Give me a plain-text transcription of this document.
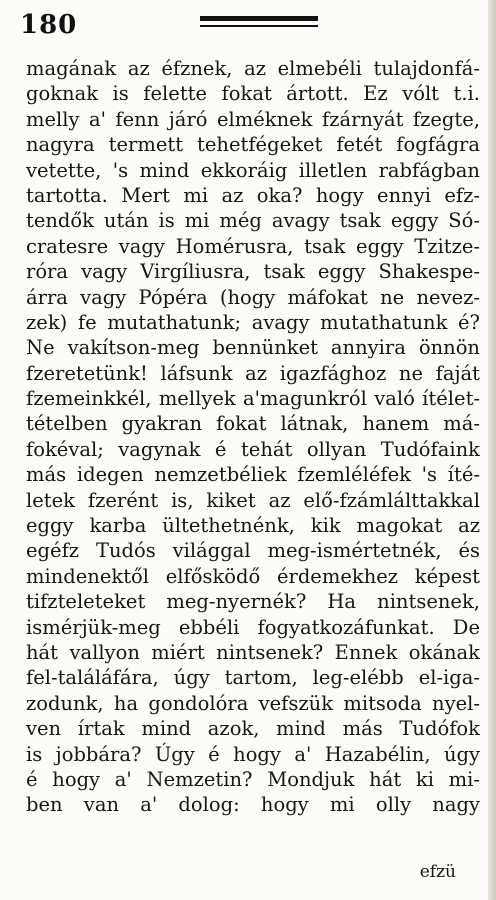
180
magának az éfznek, az elmebéli tulajdonfá-
goknak is felette fokat ártott. Ez vólt t.i.
melly a' fenn járó elméknek fzárnyát fzegte,
nagyra termett tehetfégeket fetét fogfágra
vetette, 's mind ekkoráig illetlen rabfágban
tartotta. Mert mi az oka? hogy ennyi efz-
tendők után is mi még avagy tsak eggy Só-
cratesre vagy Homérusra, tsak eggy Tzitze-
róra vagy Virgíliusra, tsak eggy Shakespe-
árra vagy Pópéra (hogy máfokat ne nevez-
zek) fe mutathatunk; avagy mutathatunk é?
Ne vakítson-meg bennünket annyira önnön
fzeretetünk! láfsunk az igazfághoz ne faját
fzemeinkkél, mellyek a'magunkról való ítélet-
tételben gyakran fokat látnak, hanem má-
fokéval; vagynak é tehát ollyan Tudófaink
más idegen nemzetbéliek fzemléléfek 's íté-
letek fzerént is, kiket az elő-fzámlálttakkal
eggy karba ültethetnénk, kik magokat az
egéfz Tudós világgal meg-ismértetnék, és
mindenektől elfősködő érdemekhez képest
tifzteleteket meg-nyernék? Ha nintsenek,
ismérjük-meg ebbéli fogyatkozáfunkat. De
hát vallyon miért nintsenek? Ennek okának
fel-találáfára, úgy tartom, leg-elébb el-iga-
zodunk, ha gondolóra vefszük mitsoda nyel-
ven írtak mind azok, mind más Tudófok
is jobbára? Úgy é hogy a' Hazabélin, úgy
é hogy a' Nemzetin? Mondjuk hát ki mi-
ben van a' dolog: hogy mi olly nagy
efzü
